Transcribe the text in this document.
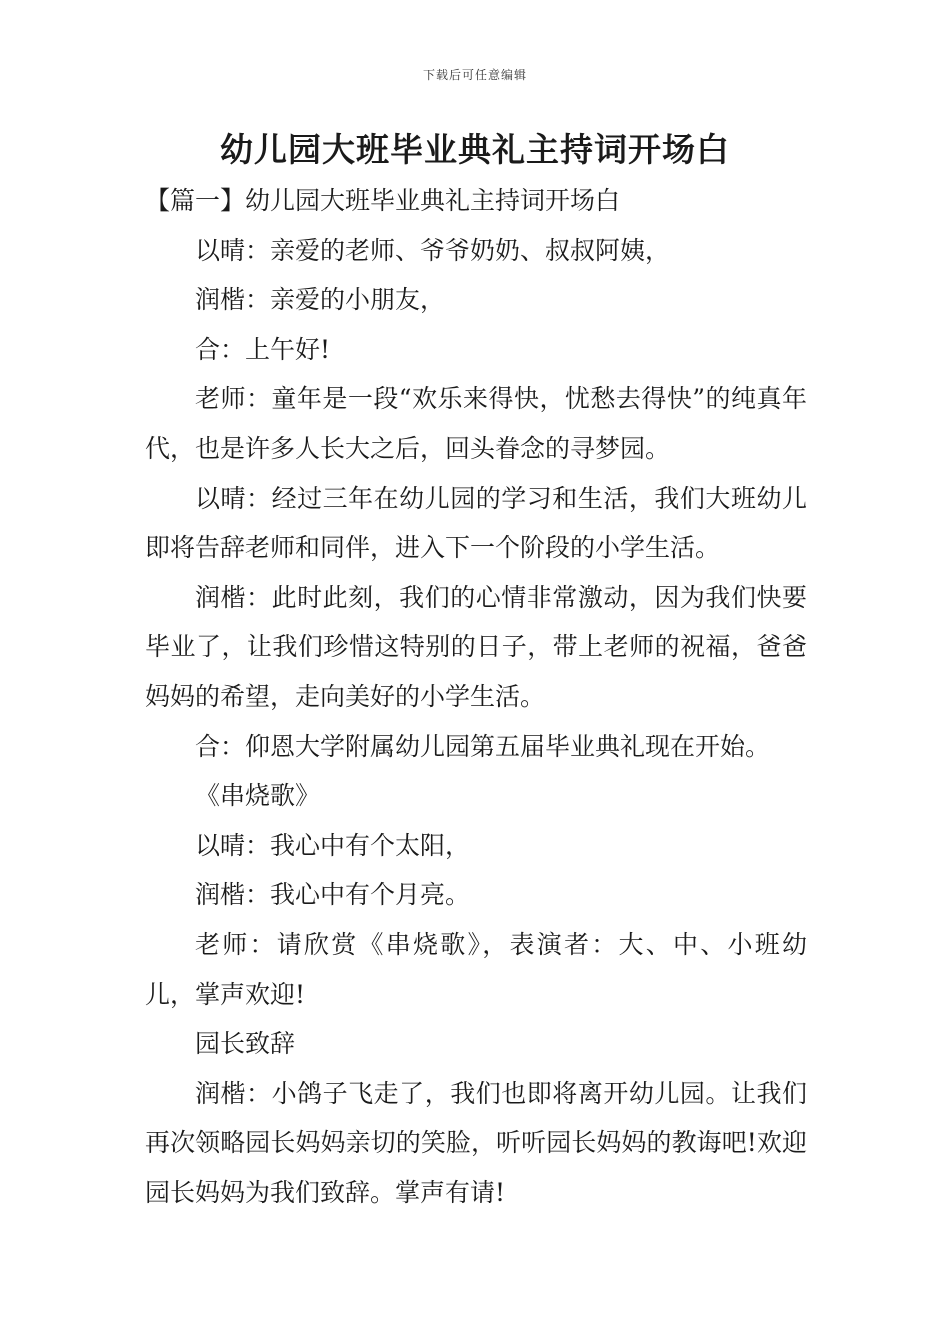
下载后可任意编辑
幼儿园大班毕业典礼主持词开场白

【篇一】幼儿园大班毕业典礼主持词开场白

以晴：亲爱的老师、爷爷奶奶、叔叔阿姨，

润楷：亲爱的小朋友，

合：上午好!

老师：童年是一段“欢乐来得快，忧愁去得快”的纯真年代，也是许多人长大之后，回头眷念的寻梦园。

以晴：经过三年在幼儿园的学习和生活，我们大班幼儿即将告辞老师和同伴，进入下一个阶段的小学生活。

润楷：此时此刻，我们的心情非常激动，因为我们快要毕业了，让我们珍惜这特别的日子，带上老师的祝福，爸爸妈妈的希望，走向美好的小学生活。

合：仰恩大学附属幼儿园第五届毕业典礼现在开始。

《串烧歌》

以晴：我心中有个太阳，

润楷：我心中有个月亮。

老师：请欣赏《串烧歌》，表演者：大、中、小班幼儿，掌声欢迎!

园长致辞

润楷：小鸽子飞走了，我们也即将离开幼儿园。让我们再次领略园长妈妈亲切的笑脸，听听园长妈妈的教诲吧!欢迎园长妈妈为我们致辞。掌声有请!
